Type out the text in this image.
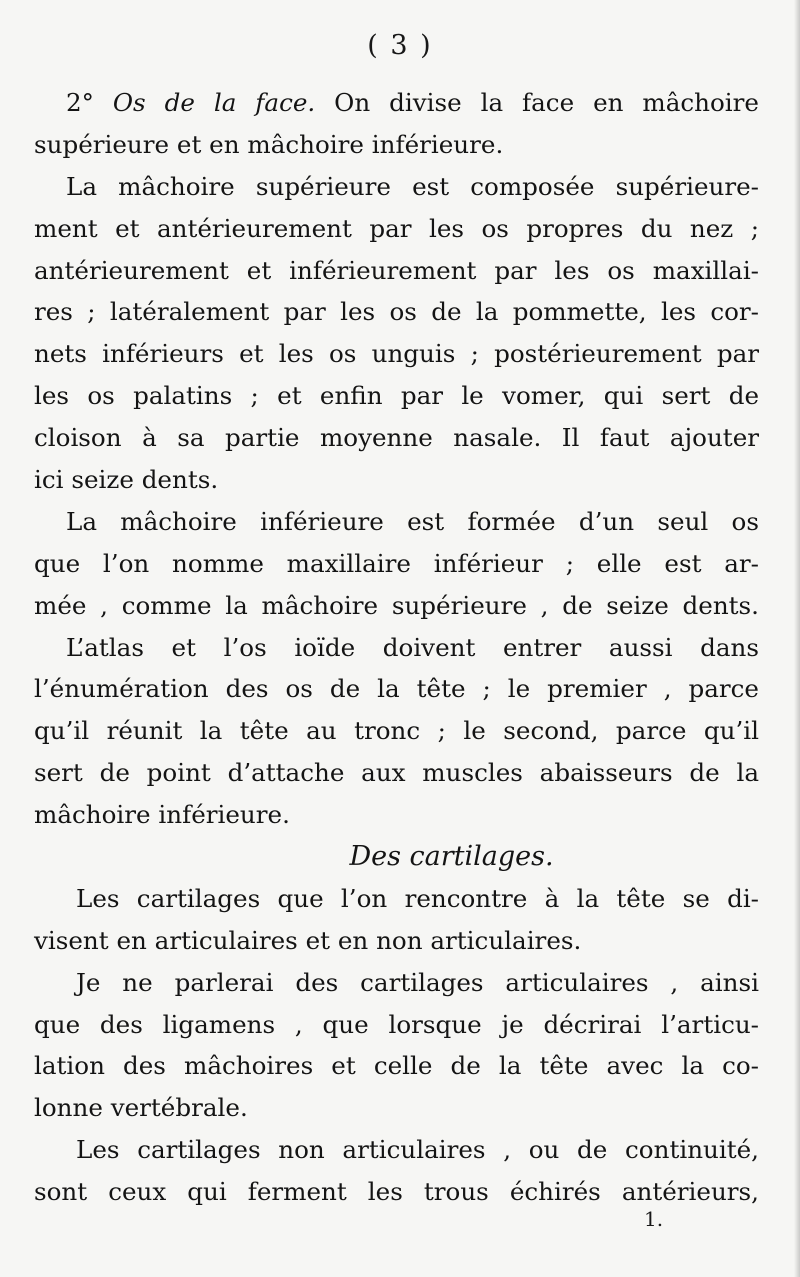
( 3 )
2° Os de la face. On divise la face en mâchoire
supérieure et en mâchoire inférieure.
La mâchoire supérieure est composée supérieure-
ment et antérieurement par les os propres du nez ;
antérieurement et inférieurement par les os maxillai-
res ; latéralement par les os de la pommette, les cor-
nets inférieurs et les os unguis ; postérieurement par
les os palatins ; et enfin par le vomer, qui sert de
cloison à sa partie moyenne nasale. Il faut ajouter
ici seize dents.
La mâchoire inférieure est formée d’un seul os
que l’on nomme maxillaire inférieur ; elle est ar-
mée , comme la mâchoire supérieure , de seize dents.
L’atlas et l’os ioïde doivent entrer aussi dans
l’énumération des os de la tête ; le premier , parce
qu’il réunit la tête au tronc ; le second, parce qu’il
sert de point d’attache aux muscles abaisseurs de la
mâchoire inférieure.
Des cartilages.
Les cartilages que l’on rencontre à la tête se di-
visent en articulaires et en non articulaires.
Je ne parlerai des cartilages articulaires , ainsi
que des ligamens , que lorsque je décrirai l’articu-
lation des mâchoires et celle de la tête avec la co-
lonne vertébrale.
Les cartilages non articulaires , ou de continuité,
sont ceux qui ferment les trous échirés antérieurs,
1.
